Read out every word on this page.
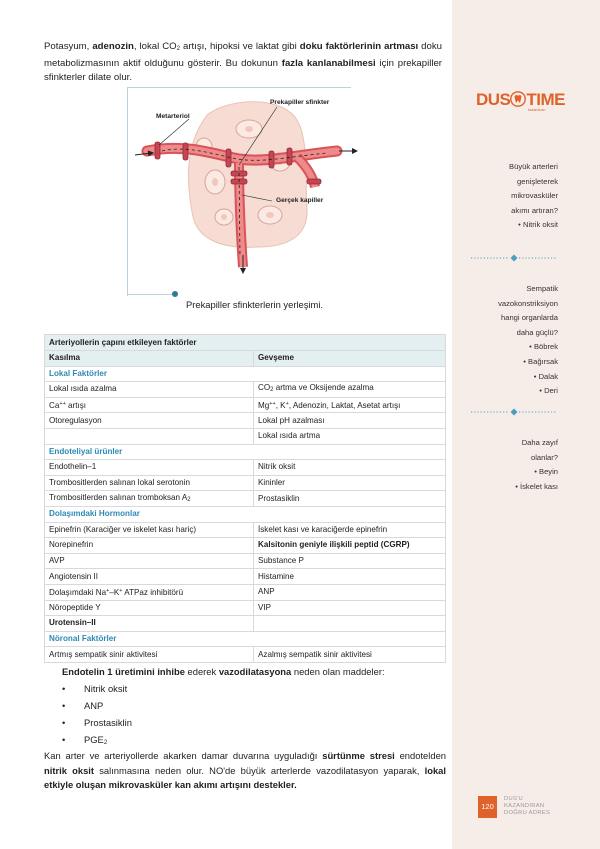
Potasyum, adenozin, lokal CO2 artışı, hipoksi ve laktat gibi doku faktörlerinin artması doku metabolizmasının aktif olduğunu gösterir. Bu dokunun fazla kanlanabilmesi için prekapiller sfinkterler dilate olur.

Metarteriol
Prekapiller sfinkter
Gerçek kapiller
Prekapiller sfinkterlerin yerleşimi.
Arteriyollerin çapını etkileyen faktörler	
Kasılma	Gevşeme
Lokal Faktörler	
Lokal ısıda azalma	CO2 artma ve Oksijende azalma
Ca++ artışı	Mg++, K+, Adenozin, Laktat, Asetat artışı
Otoregulasyon	Lokal pH azalması
	Lokal ısıda artma
Endoteliyal ürünler	
Endothelin–1	Nitrik oksit
Trombositlerden salınan lokal serotonin	Kininler
Trombositlerden salınan tromboksan A2	Prostasiklin
Dolaşımdaki Hormonlar	
Epinefrin (Karaciğer ve iskelet kası hariç)	İskelet kası ve karaciğerde epinefrin
Norepinefrin	Kalsitonin geniyle ilişkili peptid (CGRP)
AVP	Substance P
Angiotensin II	Histamine
Dolaşımdaki Na+–K+ ATPaz inhibitörü	ANP
Nöropeptide Y	VIP
Urotensin–II	
Nöronal Faktörler	
Artmış sempatik sinir aktivitesi	Azalmış sempatik sinir aktivitesi
Endotelin 1 üretimini inhibe ederek vazodilatasyona neden olan maddeler:
• Nitrik oksit
• ANP
• Prostasiklin
• PGE2

Kan arter ve arteriyollerde akarken damar duvarına uyguladığı sürtünme stresi endotelden nitrik oksit salınmasına neden olur. NO'de büyük arterlerde vazodilatasyon yaparak, lokal etkiyle oluşan mikrovasküler kan akımı artışını destekler.

DUS TIME
kazandıran
Büyük arterleri
genişleterek
mikrovasküler
akımı artıran?
• Nitrik oksit
Sempatik
vazokonstriksiyon
hangi organlarda
daha güçlü?
• Böbrek
• Bağırsak
• Dalak
• Deri
Daha zayıf
olanlar?
• Beyin
• İskelet kası
120
DUS'U
KAZANDIRAN
DOĞRU ADRES
